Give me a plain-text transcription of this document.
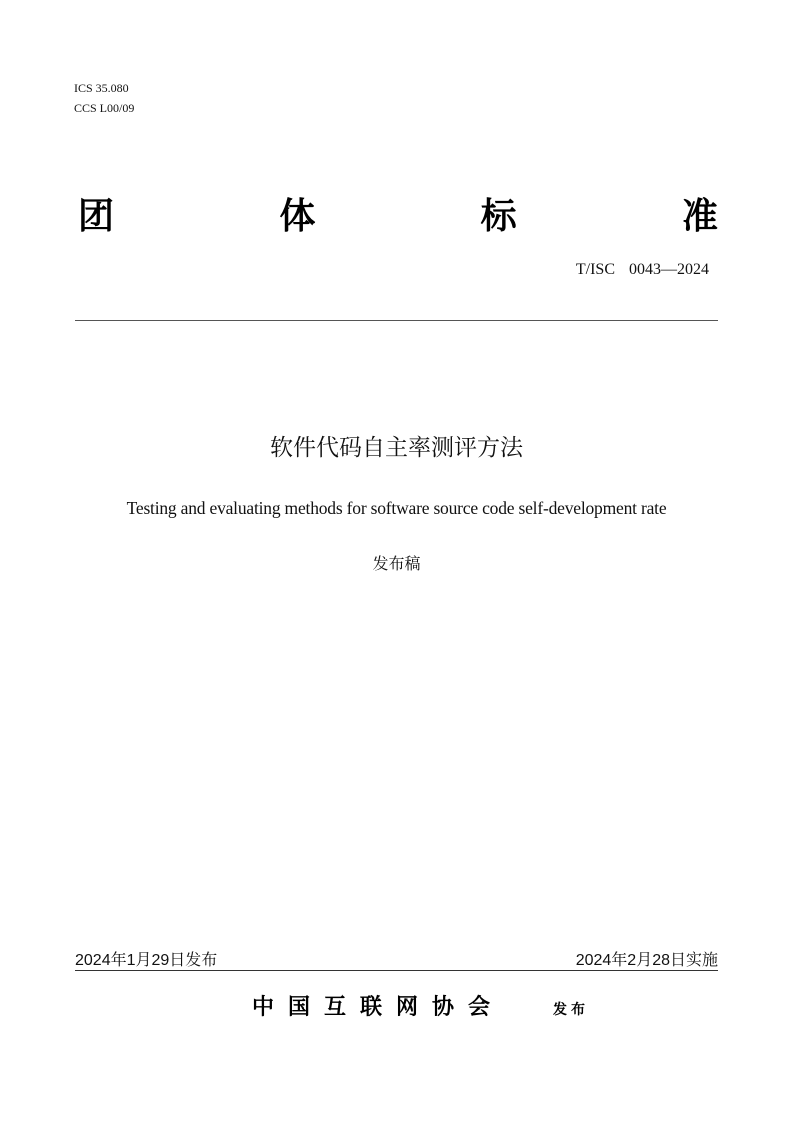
ICS 35.080
CCS L00/09
团	体	标	准
T/ISC 0043—2024
软件代码自主率测评方法
Testing and evaluating methods for software source code self-development rate
发布稿
2024年1月29日发布	2024年2月28日实施
中国互联网协会	发布
